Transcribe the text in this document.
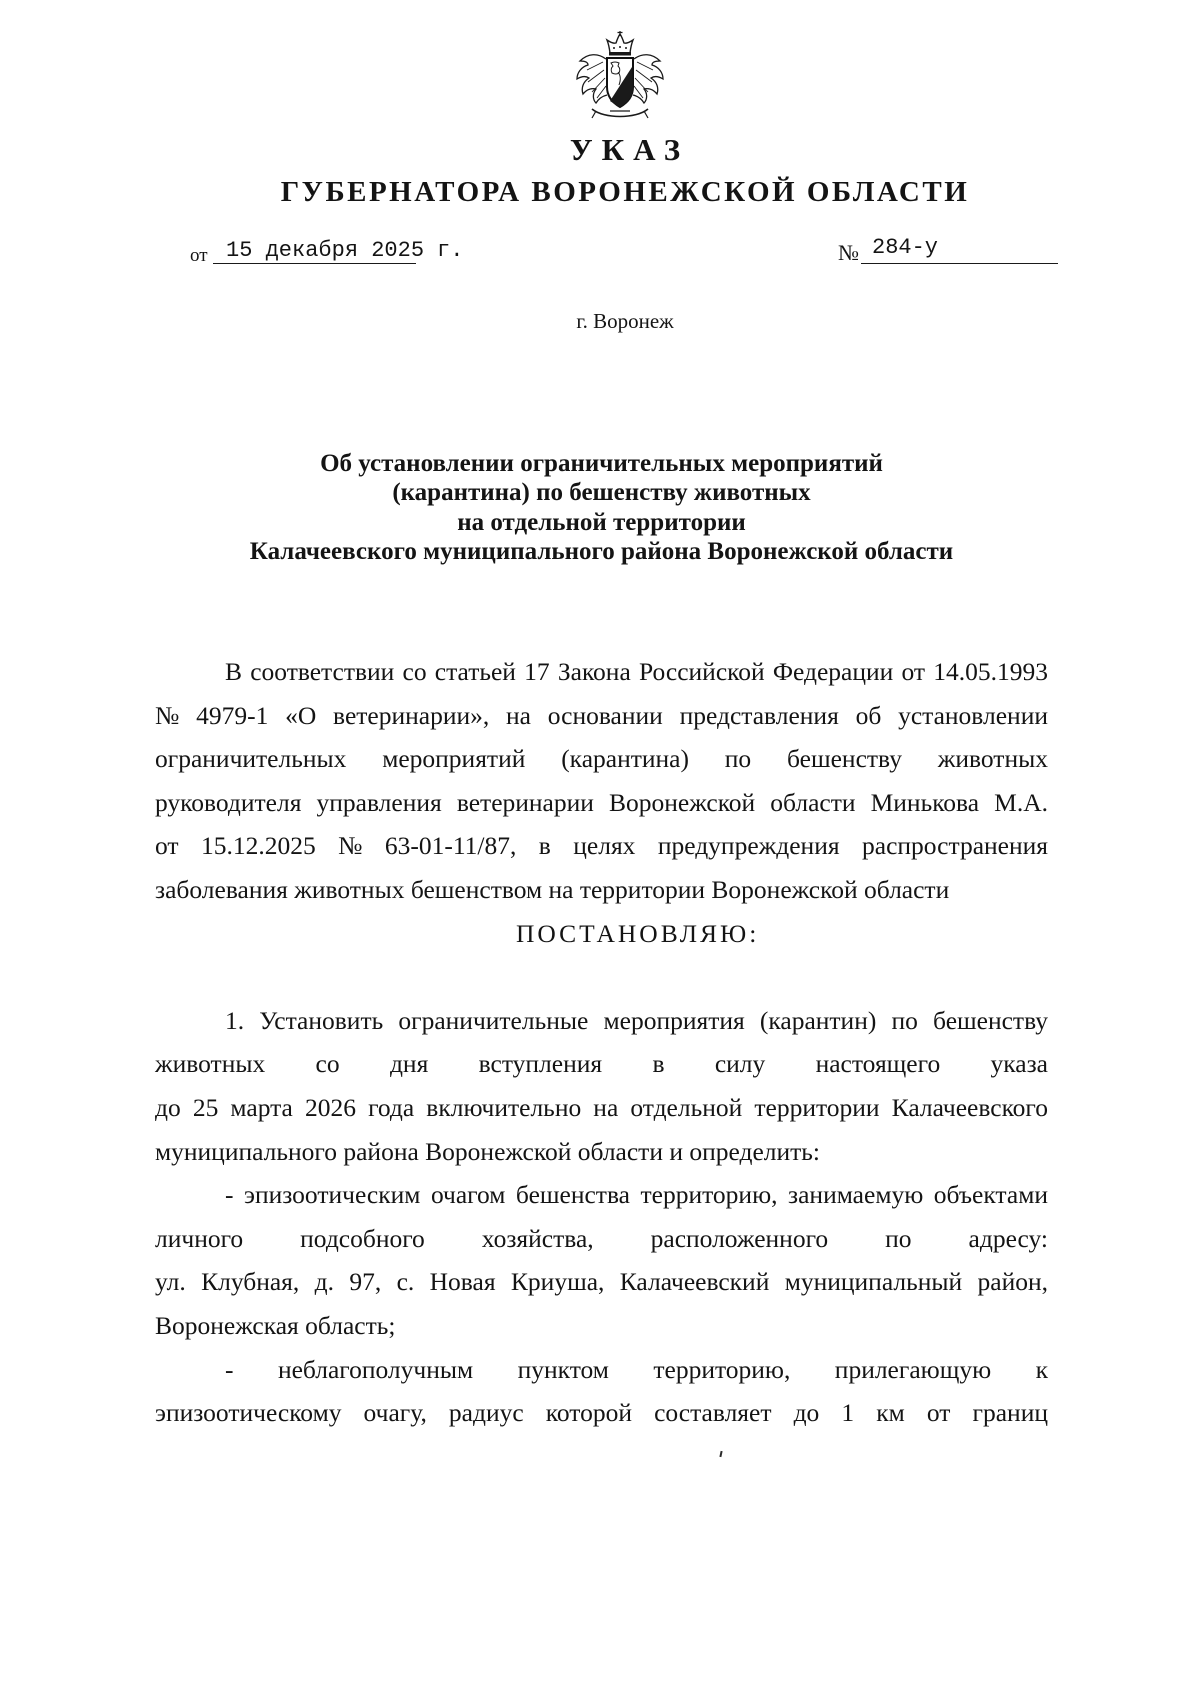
УКАЗ
ГУБЕРНАТОРА ВОРОНЕЖСКОЙ ОБЛАСТИ
от 15 декабря 2025 г.	№ 284-у
г. Воронеж
Об установлении ограничительных мероприятий
(карантина) по бешенству животных
на отдельной территории
Калачеевского муниципального района Воронежской области
В соответствии со статьей 17 Закона Российской Федерации от 14.05.1993
№ 4979-1 «О ветеринарии», на основании представления об установлении
ограничительных мероприятий (карантина) по бешенству животных
руководителя управления ветеринарии Воронежской области Минькова М.А.
от 15.12.2025 № 63-01-11/87, в целях предупреждения распространения
заболевания животных бешенством на территории Воронежской области
ПОСТАНОВЛЯЮ:
1. Установить ограничительные мероприятия (карантин) по бешенству
животных со дня вступления в силу настоящего указа
до 25 марта 2026 года включительно на отдельной территории Калачеевского
муниципального района Воронежской области и определить:
- эпизоотическим очагом бешенства территорию, занимаемую объектами
личного подсобного хозяйства, расположенного по адресу:
ул. Клубная, д. 97, с. Новая Криуша, Калачеевский муниципальный район,
Воронежская область;
- неблагополучным пунктом территорию, прилегающую к
эпизоотическому очагу, радиус которой составляет до 1 км от границ
